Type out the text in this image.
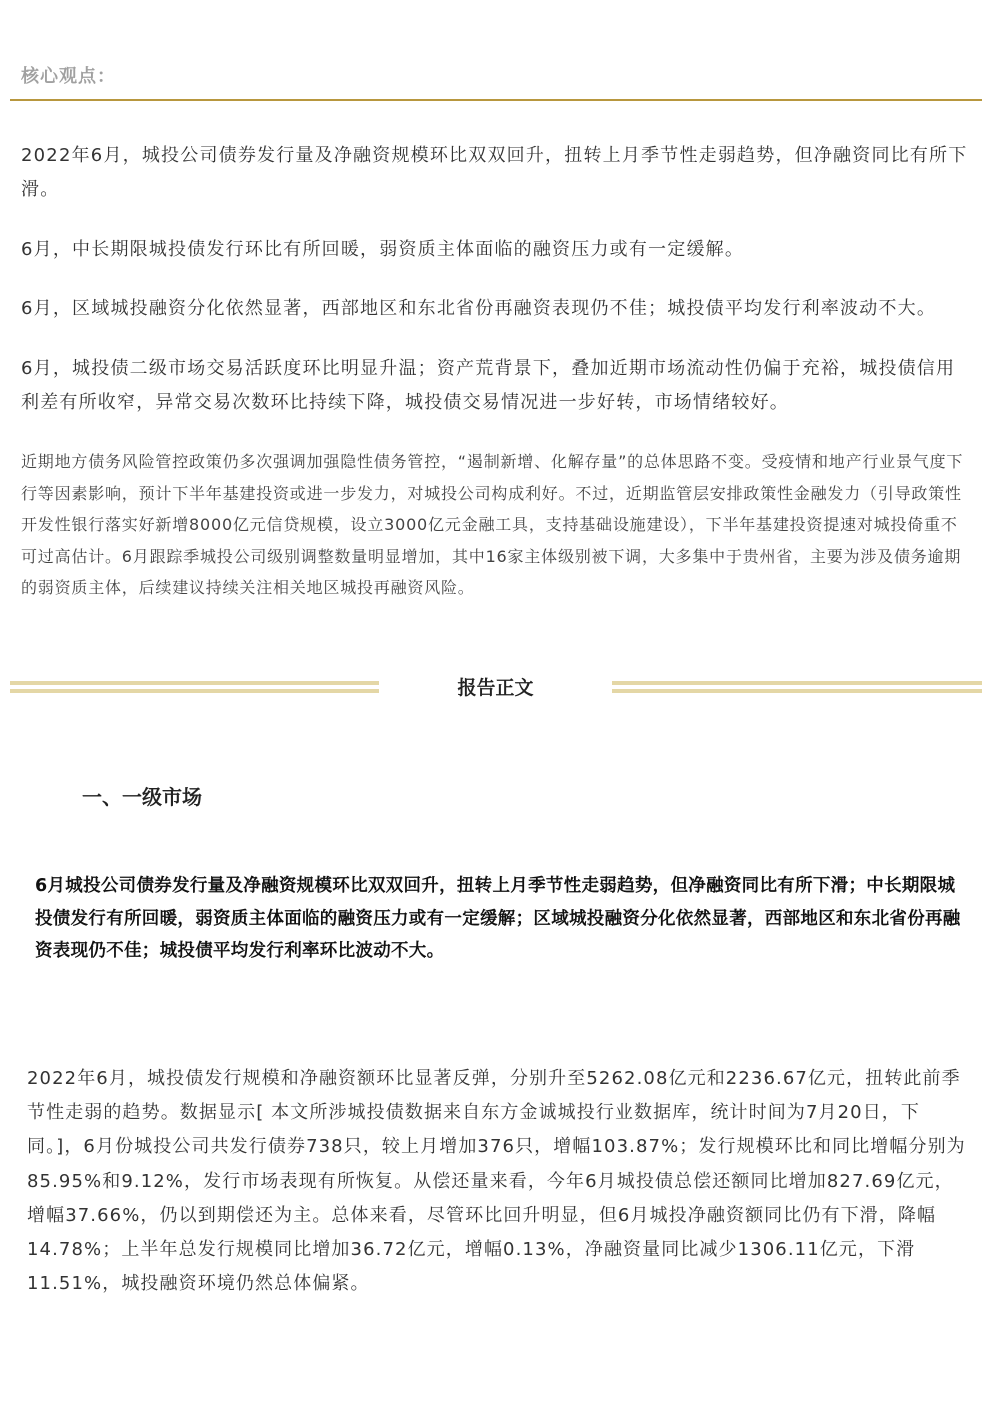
核心观点：
2022年6月，城投公司债券发行量及净融资规模环比双双回升，扭转上月季节性走弱趋势，但净融资同比有所下滑。
6月，中长期限城投债发行环比有所回暖，弱资质主体面临的融资压力或有一定缓解。
6月，区域城投融资分化依然显著，西部地区和东北省份再融资表现仍不佳；城投债平均发行利率波动不大。
6月，城投债二级市场交易活跃度环比明显升温；资产荒背景下，叠加近期市场流动性仍偏于充裕，城投债信用利差有所收窄，异常交易次数环比持续下降，城投债交易情况进一步好转，市场情绪较好。
近期地方债务风险管控政策仍多次强调加强隐性债务管控，“遏制新增、化解存量”的总体思路不变。受疫情和地产行业景气度下行等因素影响，预计下半年基建投资或进一步发力，对城投公司构成利好。不过，近期监管层安排政策性金融发力（引导政策性开发性银行落实好新增8000亿元信贷规模，设立3000亿元金融工具，支持基础设施建设），下半年基建投资提速对城投倚重不可过高估计。6月跟踪季城投公司级别调整数量明显增加，其中16家主体级别被下调，大多集中于贵州省，主要为涉及债务逾期的弱资质主体，后续建议持续关注相关地区城投再融资风险。
报告正文
一、一级市场
6月城投公司债券发行量及净融资规模环比双双回升，扭转上月季节性走弱趋势，但净融资同比有所下滑；中长期限城投债发行有所回暖，弱资质主体面临的融资压力或有一定缓解；区域城投融资分化依然显著，西部地区和东北省份再融资表现仍不佳；城投债平均发行利率环比波动不大。
2022年6月，城投债发行规模和净融资额环比显著反弹，分别升至5262.08亿元和2236.67亿元，扭转此前季节性走弱的趋势。数据显示[ 本文所涉城投债数据来自东方金诚城投行业数据库，统计时间为7月20日，下同。]，6月份城投公司共发行债券738只，较上月增加376只，增幅103.87%；发行规模环比和同比增幅分别为85.95%和9.12%，发行市场表现有所恢复。从偿还量来看，今年6月城投债总偿还额同比增加827.69亿元，增幅37.66%，仍以到期偿还为主。总体来看，尽管环比回升明显，但6月城投净融资额同比仍有下滑，降幅14.78%；上半年总发行规模同比增加36.72亿元，增幅0.13%，净融资量同比减少1306.11亿元，下滑11.51%，城投融资环境仍然总体偏紧。
